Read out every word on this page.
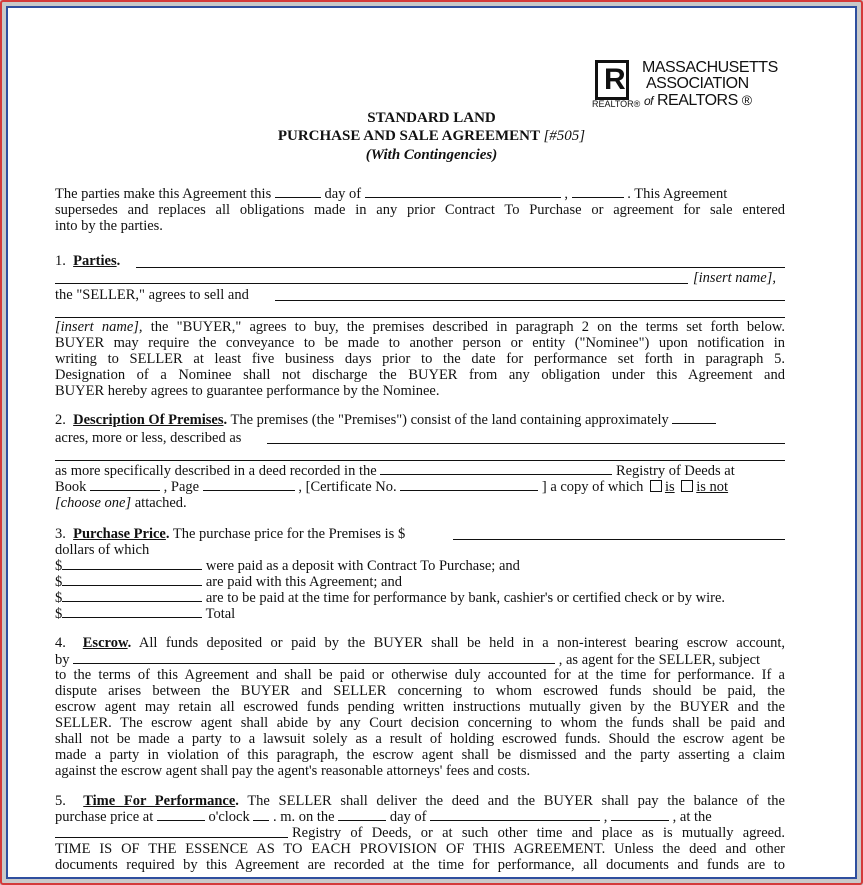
R
REALTOR®
MASSACHUSETTS
ASSOCIATION
of REALTORS ®
STANDARD LAND
PURCHASE AND SALE AGREEMENT [#505]
(With Contingencies)
The parties make this Agreement this	day of	,	. This Agreement
supersedes and replaces all obligations made in any prior Contract To Purchase or agreement for sale entered
into by the parties.
1. Parties.
[insert name],
the "SELLER," agrees to sell and
[insert name], the "BUYER," agrees to buy, the premises described in paragraph 2 on the terms set forth below.
BUYER may require the conveyance to be made to another person or entity ("Nominee") upon notification in
writing to SELLER at least five business days prior to the date for performance set forth in paragraph 5.
Designation of a Nominee shall not discharge the BUYER from any obligation under this Agreement and
BUYER hereby agrees to guarantee performance by the Nominee.
2. Description Of Premises. The premises (the "Premises") consist of the land containing approximately
acres, more or less, described as
as more specifically described in a deed recorded in the	Registry of Deeds at
Book	, Page	, [Certificate No.	] a copy of which is is not
[choose one] attached.
3. Purchase Price. The purchase price for the Premises is $
dollars of which
$	were paid as a deposit with Contract To Purchase; and
$	are paid with this Agreement; and
$	are to be paid at the time for performance by bank, cashier's or certified check or by wire.
$	Total
4. Escrow. All funds deposited or paid by the BUYER shall be held in a non-interest bearing escrow account,
by	, as agent for the SELLER, subject
to the terms of this Agreement and shall be paid or otherwise duly accounted for at the time for performance. If a
dispute arises between the BUYER and SELLER concerning to whom escrowed funds should be paid, the
escrow agent may retain all escrowed funds pending written instructions mutually given by the BUYER and the
SELLER. The escrow agent shall abide by any Court decision concerning to whom the funds shall be paid and
shall not be made a party to a lawsuit solely as a result of holding escrowed funds. Should the escrow agent be
made a party in violation of this paragraph, the escrow agent shall be dismissed and the party asserting a claim
against the escrow agent shall pay the agent's reasonable attorneys' fees and costs.
5. Time For Performance. The SELLER shall deliver the deed and the BUYER shall pay the balance of the
purchase price at	o'clock . m. on the	day of	,	, at the
Registry of Deeds, or at such other time and place as is mutually agreed.
TIME IS OF THE ESSENCE AS TO EACH PROVISION OF THIS AGREEMENT. Unless the deed and other
documents required by this Agreement are recorded at the time for performance, all documents and funds are to
